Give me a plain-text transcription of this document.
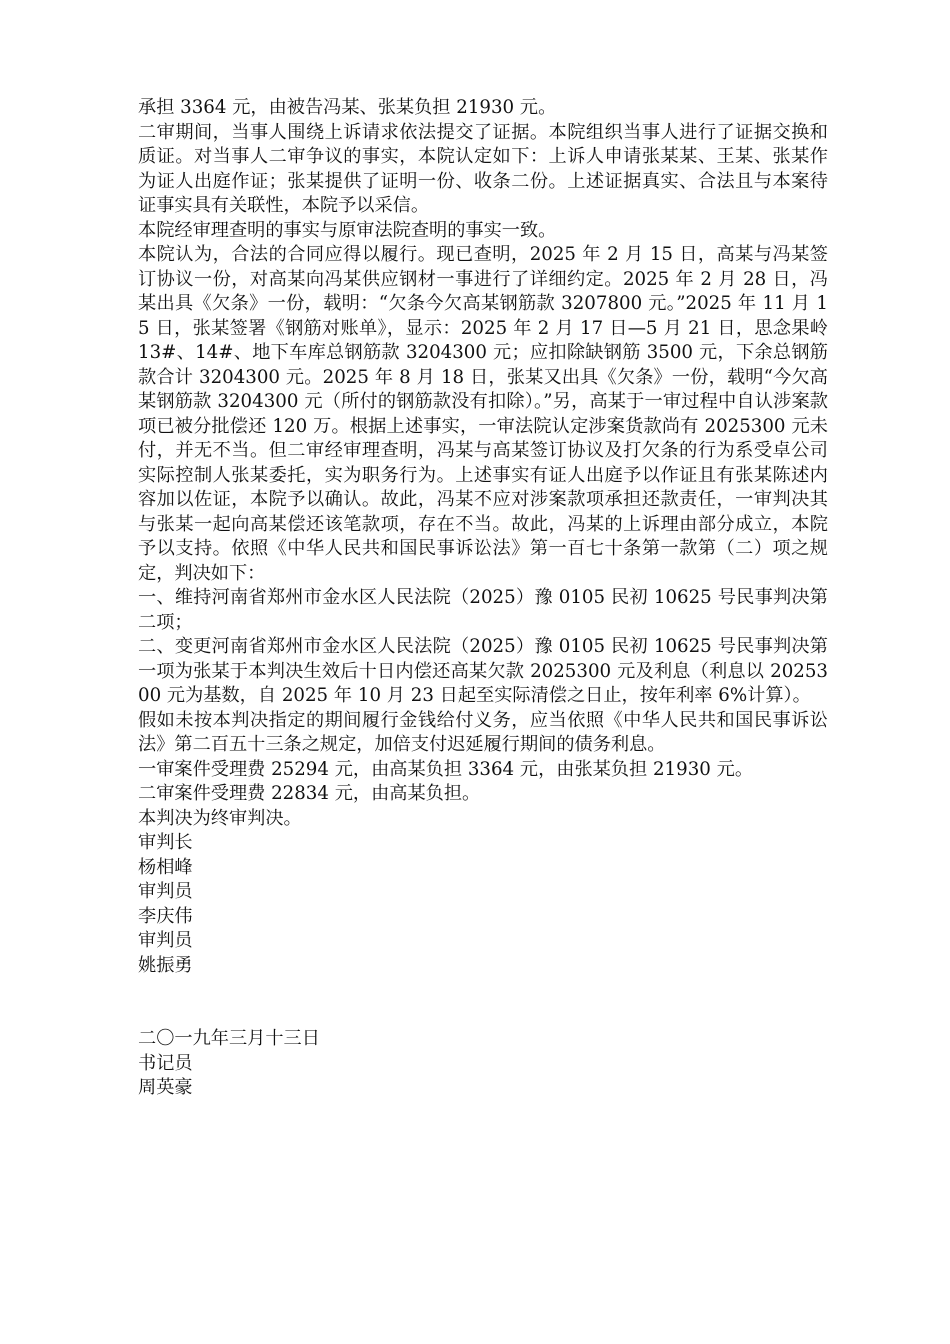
承担 3364 元，由被告冯某、张某负担 21930 元。

二审期间，当事人围绕上诉请求依法提交了证据。本院组织当事人进行了证据交换和质证。对当事人二审争议的事实，本院认定如下：上诉人申请张某某、王某、张某作为证人出庭作证；张某提供了证明一份、收条二份。上述证据真实、合法且与本案待证事实具有关联性，本院予以采信。

本院经审理查明的事实与原审法院查明的事实一致。

本院认为，合法的合同应得以履行。现已查明，2025 年 2 月 15 日，高某与冯某签订协议一份，对高某向冯某供应钢材一事进行了详细约定。2025 年 2 月 28 日，冯某出具《欠条》一份，载明：“欠条今欠高某钢筋款 3207800 元。”2025 年 11 月 15 日，张某签署《钢筋对账单》，显示：2025 年 2 月 17 日—5 月 21 日，思念果岭 13#、14#、地下车库总钢筋款 3204300 元；应扣除缺钢筋 3500 元，下余总钢筋款合计 3204300 元。2025 年 8 月 18 日，张某又出具《欠条》一份，载明“今欠高某钢筋款 3204300 元（所付的钢筋款没有扣除）。”另，高某于一审过程中自认涉案款项已被分批偿还 120 万。根据上述事实，一审法院认定涉案货款尚有 2025300 元未付，并无不当。但二审经审理查明，冯某与高某签订协议及打欠条的行为系受卓公司实际控制人张某委托，实为职务行为。上述事实有证人出庭予以作证且有张某陈述内容加以佐证，本院予以确认。故此，冯某不应对涉案款项承担还款责任，一审判决其与张某一起向高某偿还该笔款项，存在不当。故此，冯某的上诉理由部分成立，本院予以支持。依照《中华人民共和国民事诉讼法》第一百七十条第一款第（二）项之规定，判决如下：

一、维持河南省郑州市金水区人民法院（2025）豫 0105 民初 10625 号民事判决第二项；

二、变更河南省郑州市金水区人民法院（2025）豫 0105 民初 10625 号民事判决第一项为张某于本判决生效后十日内偿还高某欠款 2025300 元及利息（利息以 2025300 元为基数，自 2025 年 10 月 23 日起至实际清偿之日止，按年利率 6%计算）。

假如未按本判决指定的期间履行金钱给付义务，应当依照《中华人民共和国民事诉讼法》第二百五十三条之规定，加倍支付迟延履行期间的债务利息。

一审案件受理费 25294 元，由高某负担 3364 元，由张某负担 21930 元。

二审案件受理费 22834 元，由高某负担。

本判决为终审判决。

审判长

杨相峰

审判员

李庆伟

审判员

姚振勇

二〇一九年三月十三日

书记员

周英豪
